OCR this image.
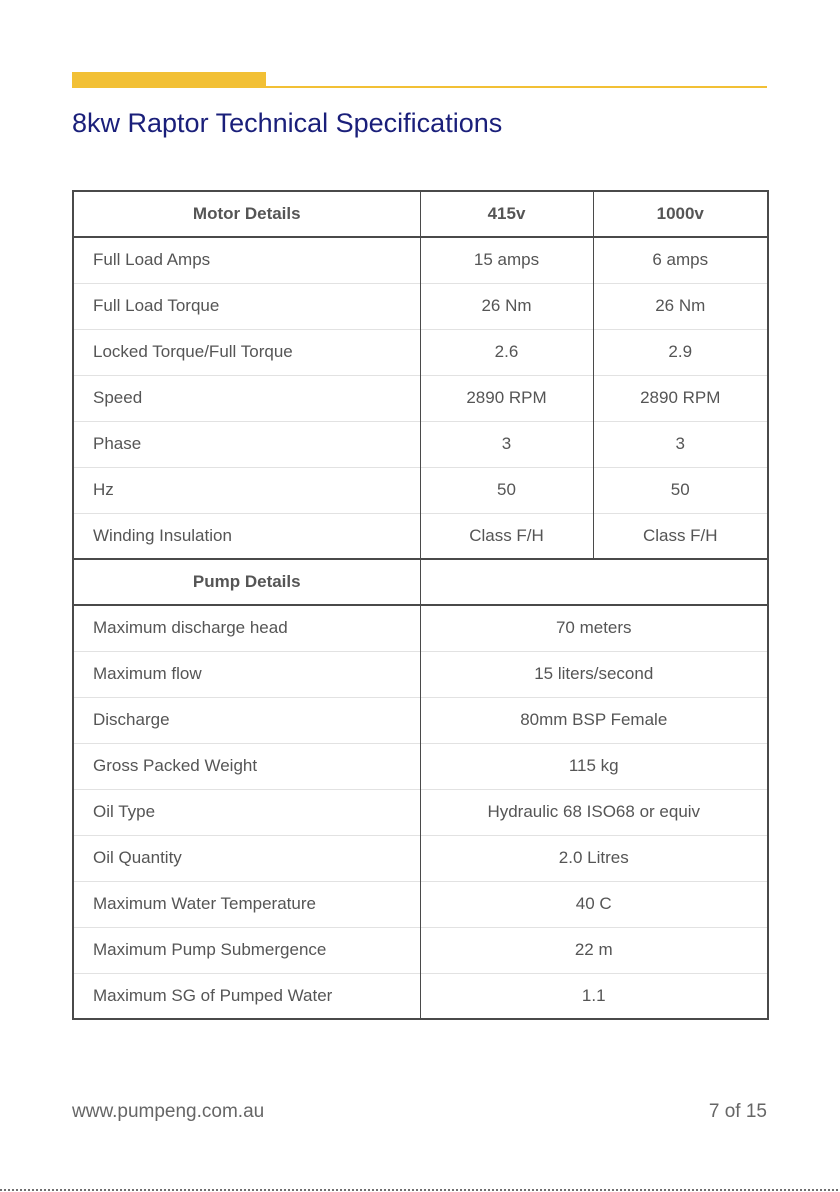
8kw Raptor Technical Specifications
Motor Details	415v	1000v
Full Load Amps	15 amps	6 amps
Full Load Torque	26 Nm	26 Nm
Locked Torque/Full Torque	2.6	2.9
Speed	2890 RPM	2890 RPM
Phase	3	3
Hz	50	50
Winding Insulation	Class F/H	Class F/H
Pump Details		
Maximum discharge head	70 meters	
Maximum flow	15 liters/second	
Discharge	80mm BSP Female	
Gross Packed Weight	115 kg	
Oil Type	Hydraulic 68 ISO68 or equiv	
Oil Quantity	2.0 Litres	
Maximum Water Temperature	40 C	
Maximum Pump Submergence	22 m	
Maximum SG of Pumped Water	1.1	
www.pumpeng.com.au	7 of 15
